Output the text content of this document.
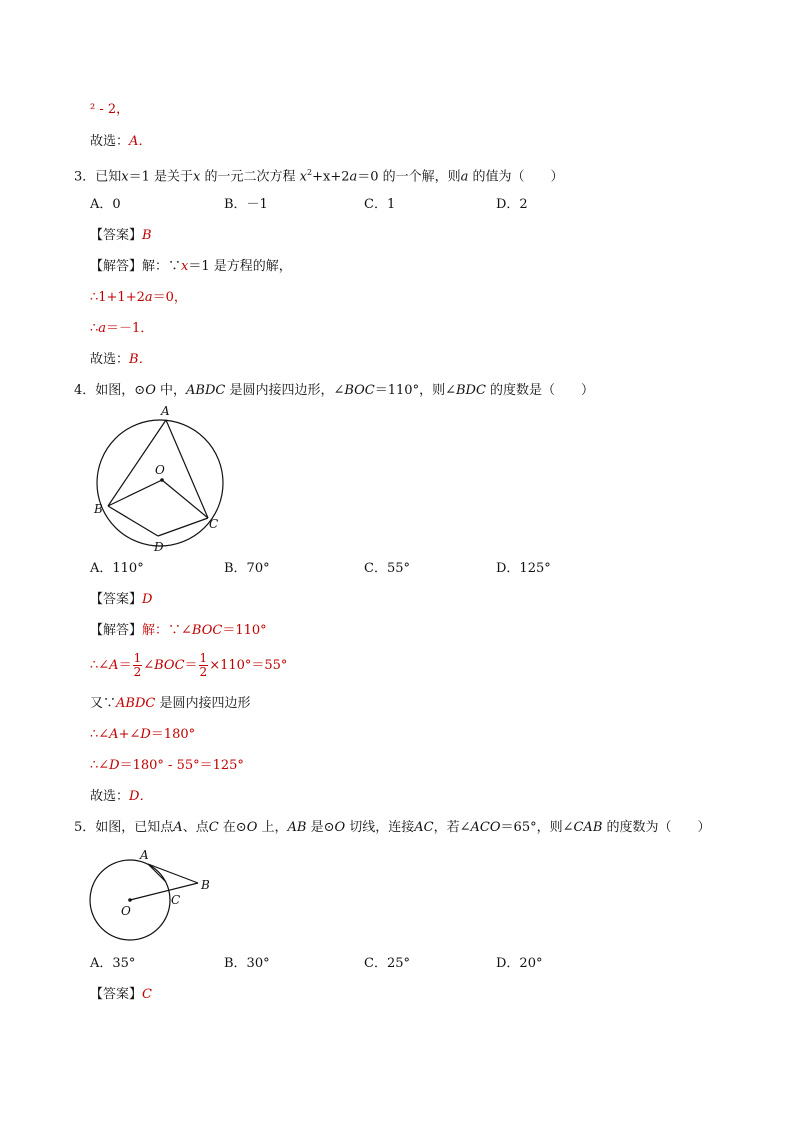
² - 2，
故选：A．
3．已知x＝1 是关于x 的一元二次方程 $x^2+x+2a=0$ 的一个解，则a 的值为（　　）
A．0	B．－1	C．1	D．2
【答案】B
【解答】解：∵x＝1 是方程的解，
∴1+1+2a＝0，
∴a＝－1．
故选：B．
4．如图，⊙O 中，ABDC 是圆内接四边形，∠BOC＝110°，则∠BDC 的度数是（　　）
A
O
B
C
D
A．110°	B．70°	C．55°	D．125°
【答案】D
【解答】解：∵∠BOC＝110°
∴∠A＝ $\frac{1}{2}$ ∠BOC＝ $\frac{1}{2} \times 110^\circ=55^\circ$
又∵ABDC 是圆内接四边形
∴∠A+∠D＝180°
∴∠D＝180° - 55°＝125°
故选：D．
5．如图，已知点A、点C 在⊙O 上，AB 是⊙O 切线，连接AC，若∠ACO＝65°，则∠CAB 的度数为（　　）
A
B
C
O
A．35°	B．30°	C．25°	D．20°
【答案】C
